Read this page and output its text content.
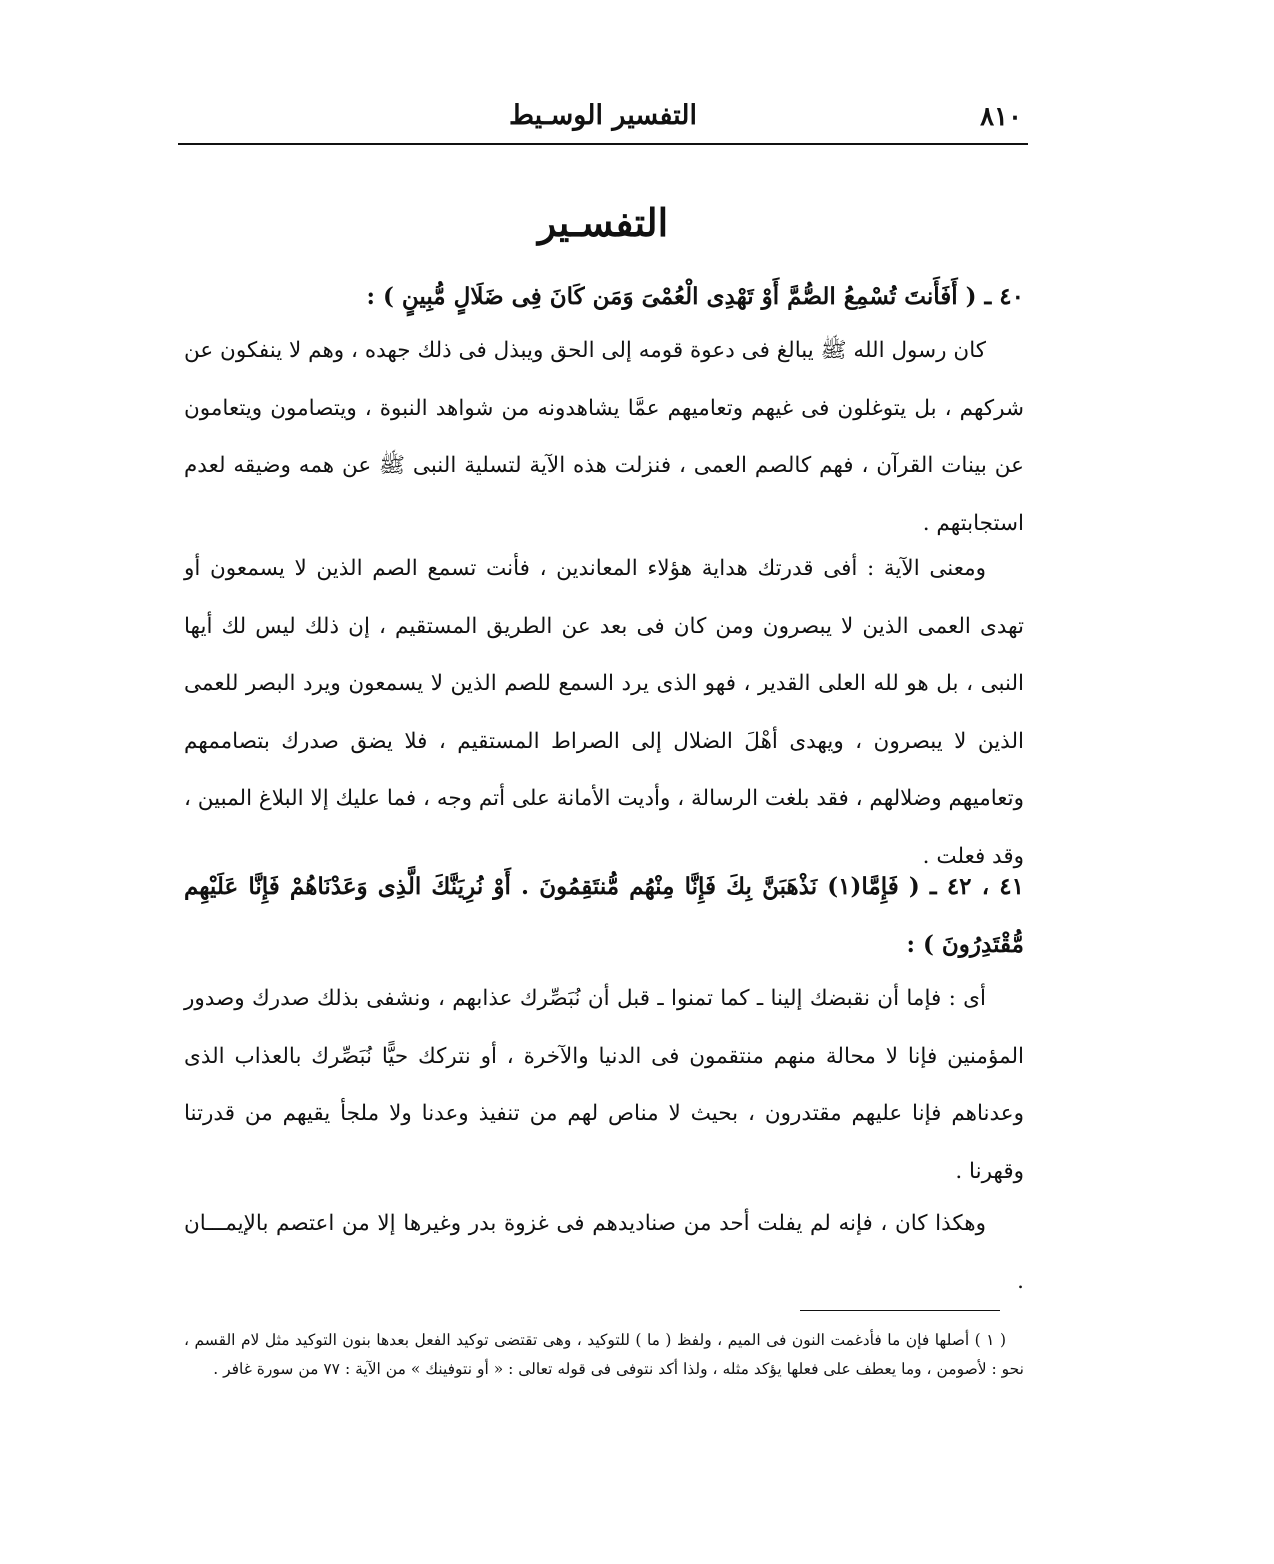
٨١٠
التفسير الوسـيط
التفسـير
٤٠ ـ ( أَفَأَنتَ تُسْمِعُ الصُّمَّ أَوْ تَهْدِى الْعُمْىَ وَمَن كَانَ فِى ضَلَالٍ مُّبِينٍ ) :
كان رسول الله ﷺ يبالغ فى دعوة قومه إلى الحق ويبذل فى ذلك جهده ، وهم لا ينفكون عن شركهم ، بل يتوغلون فى غيهم وتعاميهم عمَّا يشاهدونه من شواهد النبوة ، ويتصامون ويتعامون عن بينات القرآن ، فهم كالصم العمى ، فنزلت هذه الآية لتسلية النبى ﷺ عن همه وضيقه لعدم استجابتهم .
ومعنى الآية : أفى قدرتك هداية هؤلاء المعاندين ، فأنت تسمع الصم الذين لا يسمعون أو تهدى العمى الذين لا يبصرون ومن كان فى بعد عن الطريق المستقيم ، إن ذلك ليس لك أيها النبى ، بل هو لله العلى القدير ، فهو الذى يرد السمع للصم الذين لا يسمعون ويرد البصر للعمى الذين لا يبصرون ، ويهدى أهْلَ الضلال إلى الصراط المستقيم ، فلا يضق صدرك بتصاممهم وتعاميهم وضلالهم ، فقد بلغت الرسالة ، وأديت الأمانة على أتم وجه ، فما عليك إلا البلاغ المبين ، وقد فعلت .
٤١ ، ٤٢ ـ ( فَإِمَّا(١) نَذْهَبَنَّ بِكَ فَإِنَّا مِنْهُم مُّنتَقِمُونَ . أَوْ نُرِيَنَّكَ الَّذِى وَعَدْنَاهُمْ فَإِنَّا عَلَيْهِم مُّقْتَدِرُونَ ) :
أى : فإما أن نقبضك إلينا ـ كما تمنوا ـ قبل أن نُبَصِّرك عذابهم ، ونشفى بذلك صدرك وصدور المؤمنين فإنا لا محالة منهم منتقمون فى الدنيا والآخرة ، أو نتركك حيًّا نُبَصِّرك بالعذاب الذى وعدناهم فإنا عليهم مقتدرون ، بحيث لا مناص لهم من تنفيذ وعدنا ولا ملجأ يقيهم من قدرتنا وقهرنا .
وهكذا كان ، فإنه لم يفلت أحد من صناديدهم فى غزوة بدر وغيرها إلا من اعتصم بالإيمـــان .
( ١ ) أصلها فإن ما فأدغمت النون فى الميم ، ولفظ ( ما ) للتوكيد ، وهى تقتضى توكيد الفعل بعدها بنون التوكيد مثل لام القسم ، نحو : لأصومن ، وما يعطف على فعلها يؤكد مثله ، ولذا أكد نتوفى فى قوله تعالى : « أو نتوفينك » من الآية : ٧٧ من سورة غافر .
